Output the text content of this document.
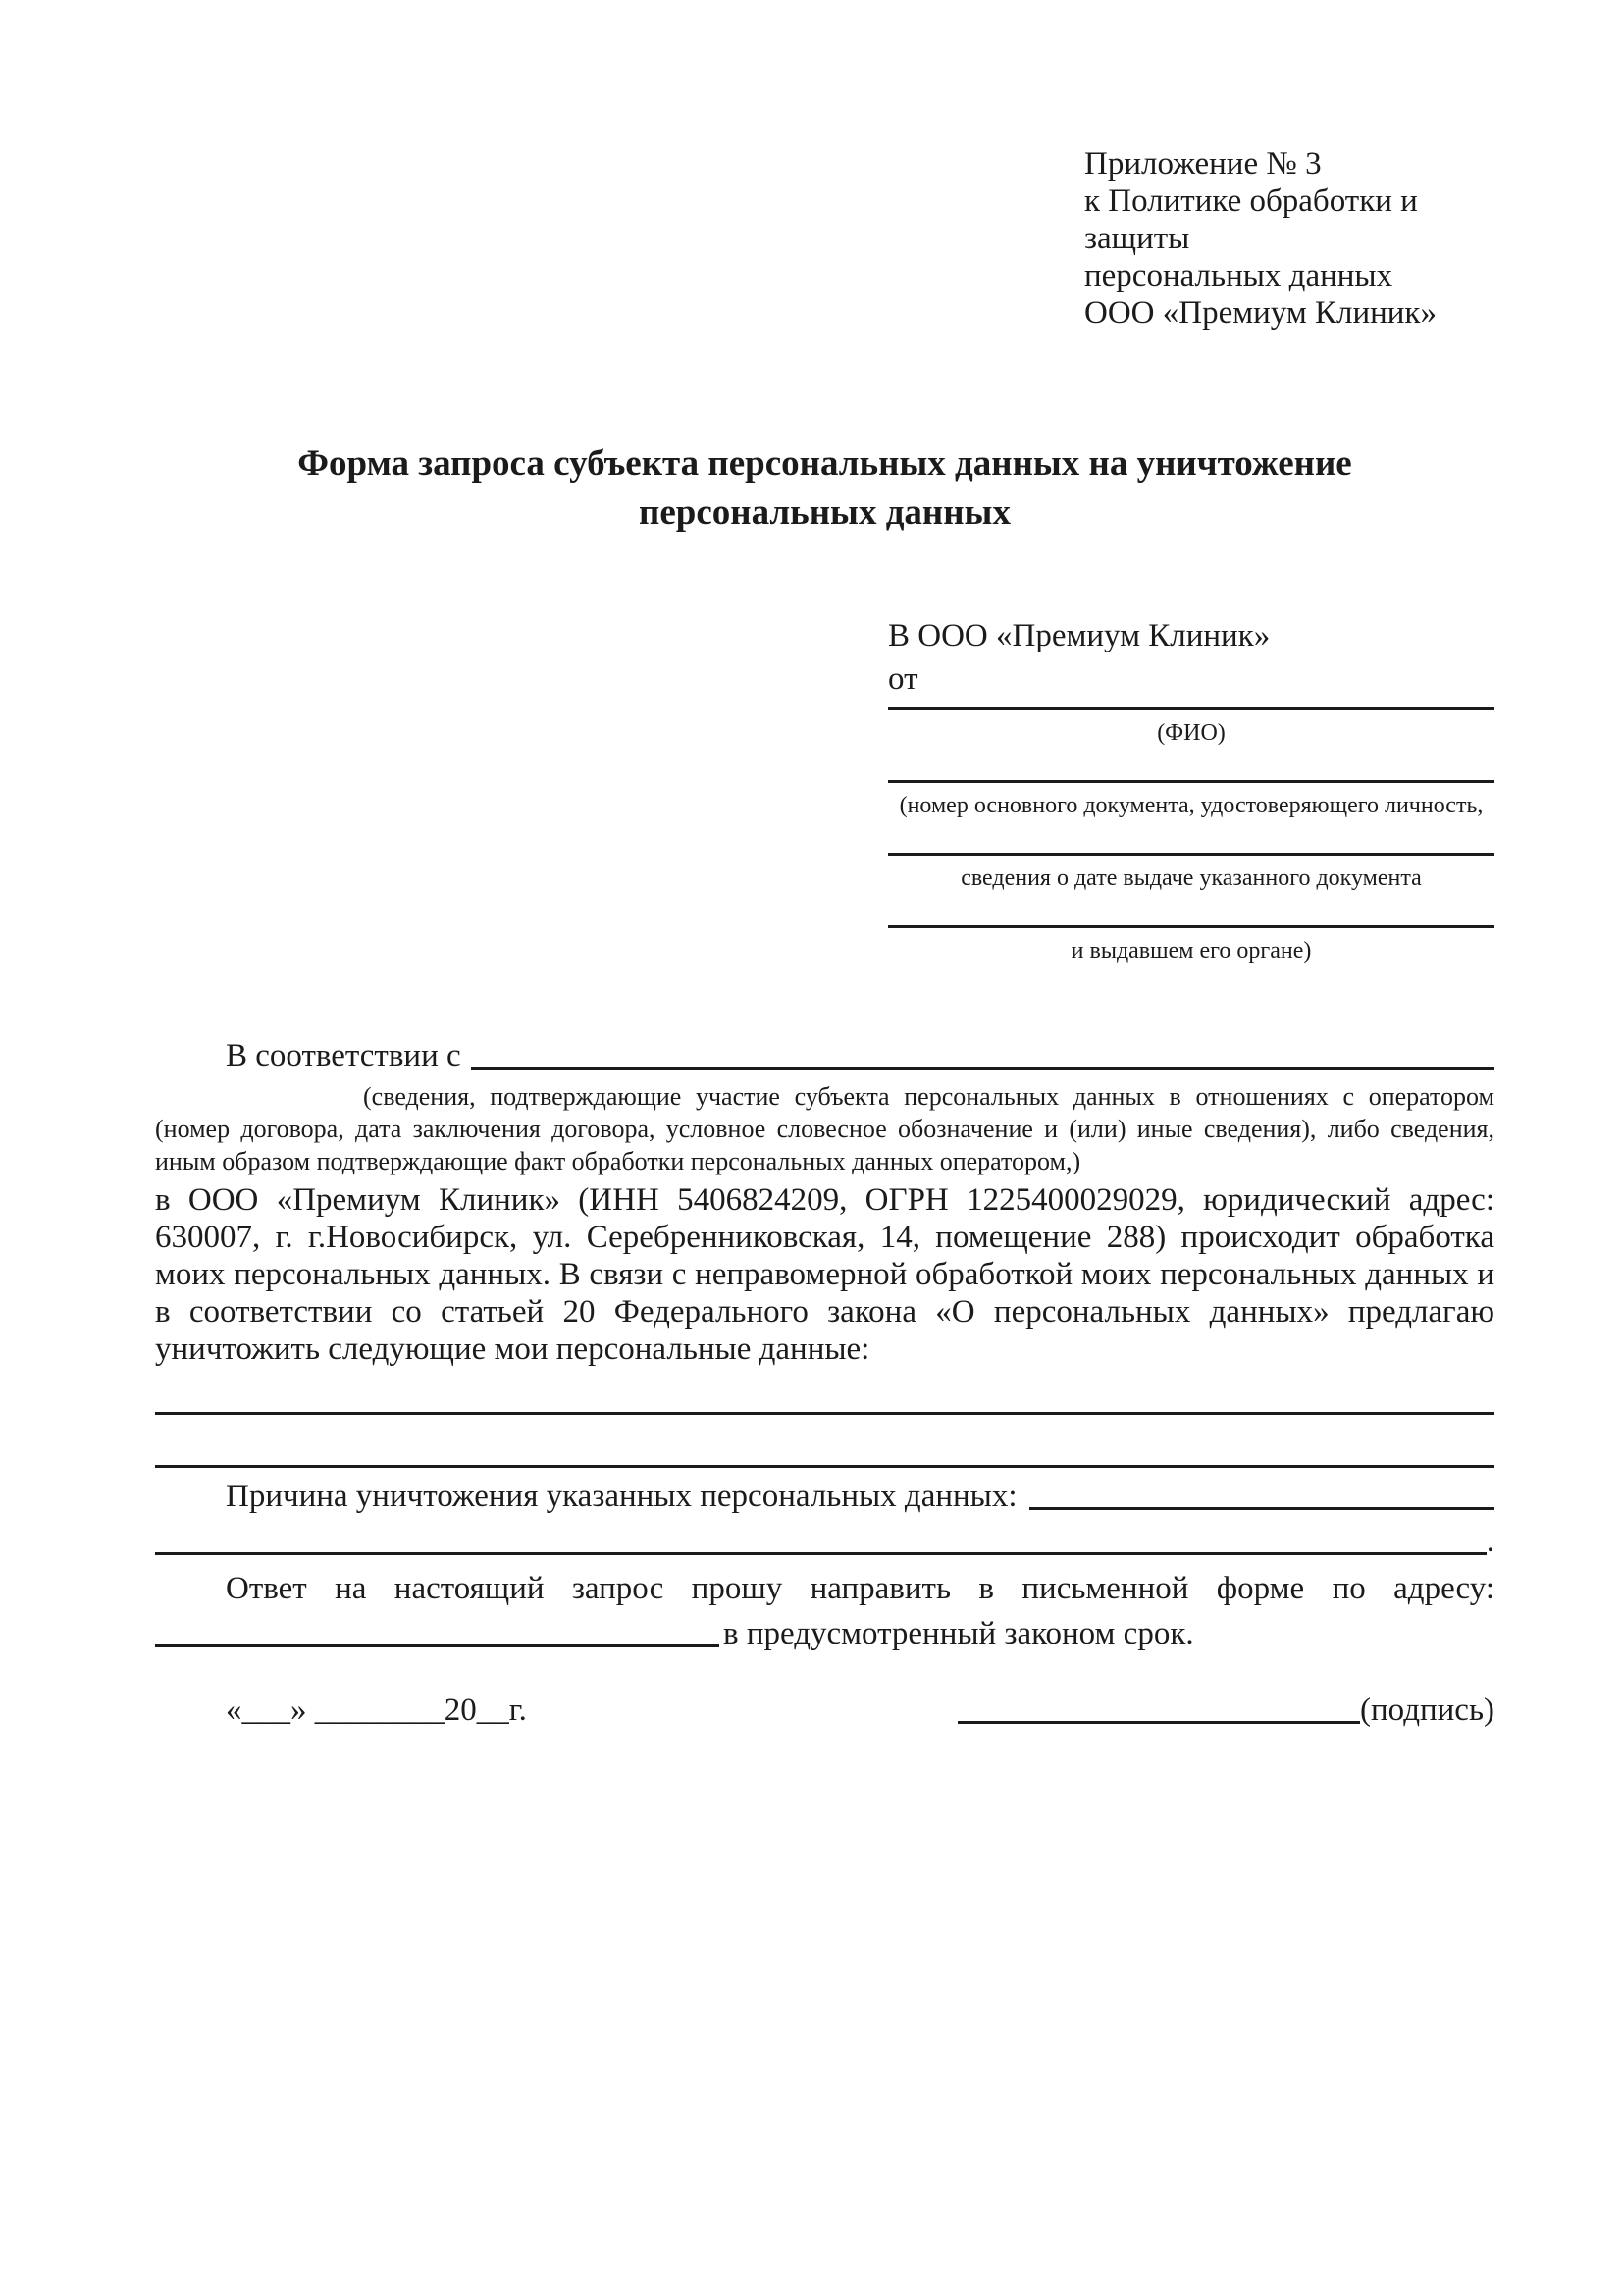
Приложение № 3
к Политике обработки и защиты
персональных данных
ООО «Премиум Клиник»
Форма запроса субъекта персональных данных на уничтожение персональных данных
В ООО «Премиум Клиник»
от
(ФИО)
(номер основного документа, удостоверяющего личность,
сведения о дате выдаче указанного документа
и выдавшем его органе)
В соответствии с
(сведения, подтверждающие участие субъекта персональных данных в отношениях с оператором (номер договора, дата заключения договора, условное словесное обозначение и (или) иные сведения), либо сведения, иным образом подтверждающие факт обработки персональных данных оператором,)

в ООО «Премиум Клиник» (ИНН 5406824209, ОГРН 1225400029029, юридический адрес: 630007, г. г.Новосибирск, ул. Серебренниковская, 14, помещение 288) происходит обработка моих персональных данных. В связи с неправомерной обработкой моих персональных данных и в соответствии со статьей 20 Федерального закона «О персональных данных» предлагаю уничтожить следующие мои персональные данные:

Причина уничтожения указанных персональных данных:
.
Ответ на настоящий запрос прошу направить в письменной форме по адресу:
в предусмотренный законом срок.
«___» ________20__г.	(подпись)
